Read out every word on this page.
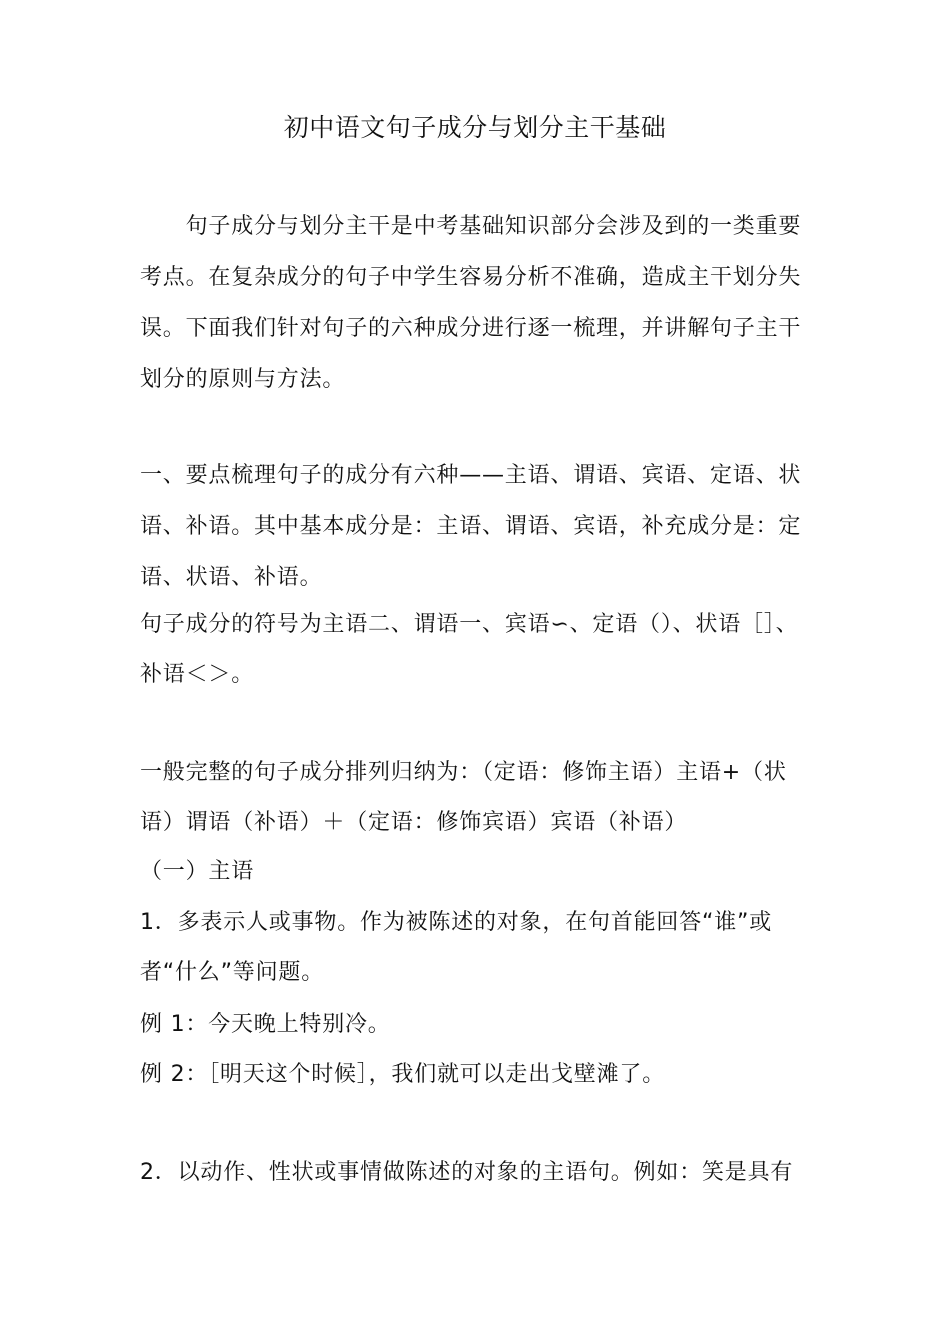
初中语文句子成分与划分主干基础

　　句子成分与划分主干是中考基础知识部分会涉及到的一类重要

考点。在复杂成分的句子中学生容易分析不准确，造成主干划分失

误。下面我们针对句子的六种成分进行逐一梳理，并讲解句子主干

划分的原则与方法。

一、要点梳理句子的成分有六种——主语、谓语、宾语、定语、状

语、补语。其中基本成分是：主语、谓语、宾语，补充成分是：定

语、状语、补语。

句子成分的符号为主语二、谓语一、宾语∽、定语（）、状语［］、

补语＜＞。

一般完整的句子成分排列归纳为：（定语：修饰主语）主语+（状

语）谓语（补语）＋（定语：修饰宾语）宾语（补语）

（一）主语

1．多表示人或事物。作为被陈述的对象，在句首能回答“谁”或

者“什么”等问题。

例 1：今天晚上特别冷。

例 2：［明天这个时候］，我们就可以走出戈壁滩了。

2．以动作、性状或事情做陈述的对象的主语句。例如：笑是具有
